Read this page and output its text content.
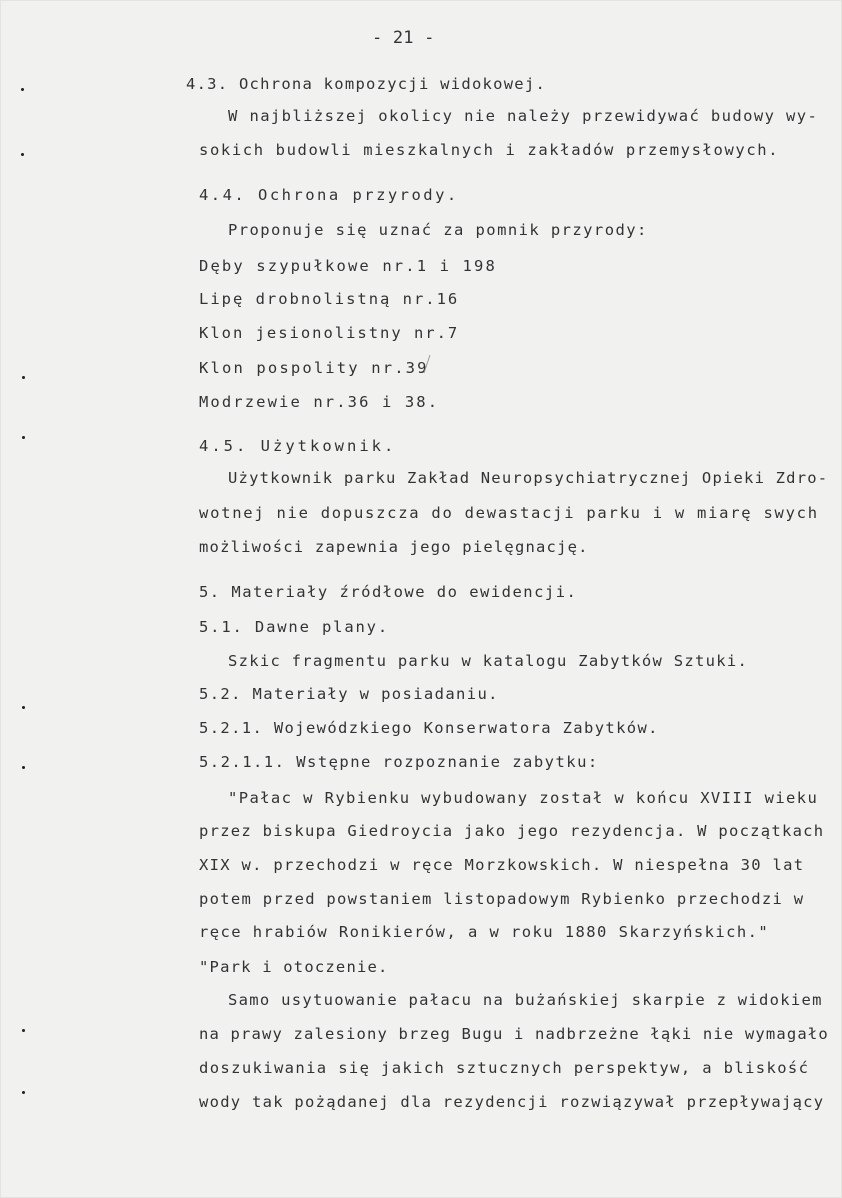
- 21 -
4.3. Ochrona kompozycji widokowej.
W najbliższej okolicy nie należy przewidywać budowy wy-
sokich budowli mieszkalnych i zakładów przemysłowych.
4.4. Ochrona przyrody.
Proponuje się uznać za pomnik przyrody:
Dęby szypułkowe nr.1 i 198
Lipę drobnolistną nr.16
Klon jesionolistny nr.7
Klon pospolity nr.39
Modrzewie nr.36 i 38.
4.5. Użytkownik.
Użytkownik parku Zakład Neuropsychiatrycznej Opieki Zdro-
wotnej nie dopuszcza do dewastacji parku i w miarę swych
możliwości zapewnia jego pielęgnację.
5. Materiały źródłowe do ewidencji.
5.1. Dawne plany.
Szkic fragmentu parku w katalogu Zabytków Sztuki.
5.2. Materiały w posiadaniu.
5.2.1. Wojewódzkiego Konserwatora Zabytków.
5.2.1.1. Wstępne rozpoznanie zabytku:
"Pałac w Rybienku wybudowany został w końcu XVIII wieku
przez biskupa Giedroycia jako jego rezydencja. W początkach
XIX w. przechodzi w ręce Morzkowskich. W niespełna 30 lat
potem przed powstaniem listopadowym Rybienko przechodzi w
ręce hrabiów Ronikierów, a w roku 1880 Skarzyńskich."
"Park i otoczenie.
Samo usytuowanie pałacu na bużańskiej skarpie z widokiem
na prawy zalesiony brzeg Bugu i nadbrzeżne łąki nie wymagało
doszukiwania się jakich sztucznych perspektyw, a bliskość
wody tak pożądanej dla rezydencji rozwiązywał przepływający
